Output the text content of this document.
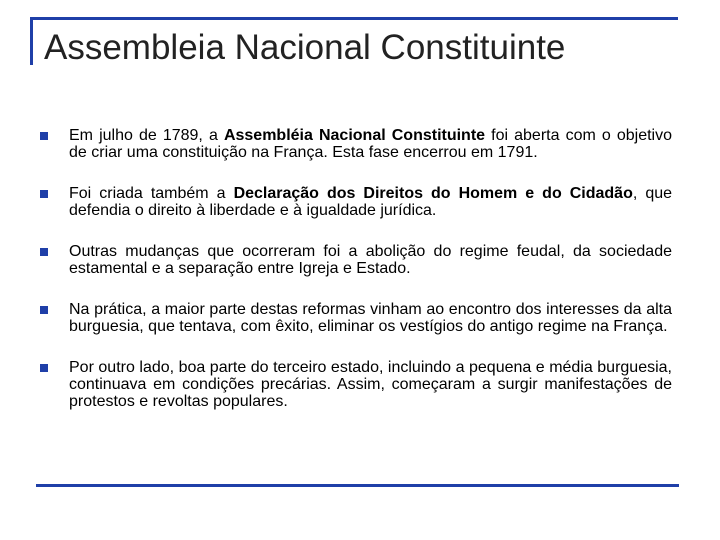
Assembleia Nacional Constituinte
Em julho de 1789, a Assembléia Nacional Constituinte foi aberta com o objetivo de criar uma constituição na França. Esta fase encerrou em 1791.
Foi criada também a Declaração dos Direitos do Homem e do Cidadão, que defendia o direito à liberdade e à igualdade jurídica.
Outras mudanças que ocorreram foi a abolição do regime feudal, da sociedade estamental e a separação entre Igreja e Estado.
Na prática, a maior parte destas reformas vinham ao encontro dos interesses da alta burguesia, que tentava, com êxito, eliminar os vestígios do antigo regime na França.
Por outro lado, boa parte do terceiro estado, incluindo a pequena e média burguesia, continuava em condições precárias. Assim, começaram a surgir manifestações de protestos e revoltas populares.
